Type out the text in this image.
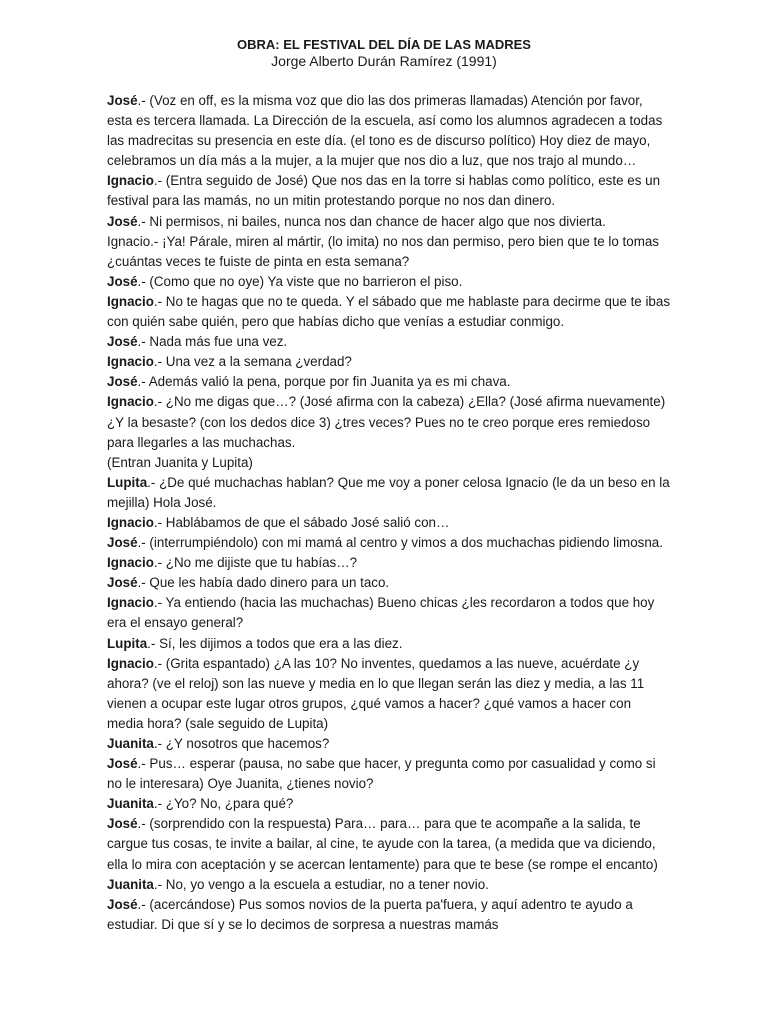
OBRA: EL FESTIVAL DEL DÍA DE LAS MADRES
Jorge Alberto Durán Ramírez (1991)
José.- (Voz en off, es la misma voz que dio las dos primeras llamadas) Atención por favor,
esta es tercera llamada. La Dirección de la escuela, así como los alumnos agradecen a todas
las madrecitas su presencia en este día. (el tono es de discurso político) Hoy diez de mayo,
celebramos un día más a la mujer, a la mujer que nos dio a luz, que nos trajo al mundo…
Ignacio.- (Entra seguido de José) Que nos das en la torre si hablas como político, este es un
festival para las mamás, no un mitin protestando porque no nos dan dinero.
José.- Ni permisos, ni bailes, nunca nos dan chance de hacer algo que nos divierta.
Ignacio.- ¡Ya! Párale, miren al mártir, (lo imita) no nos dan permiso, pero bien que te lo tomas
¿cuántas veces te fuiste de pinta en esta semana?
José.- (Como que no oye) Ya viste que no barrieron el piso.
Ignacio.- No te hagas que no te queda. Y el sábado que me hablaste para decirme que te ibas
con quién sabe quién, pero que habías dicho que venías a estudiar conmigo.
José.- Nada más fue una vez.
Ignacio.- Una vez a la semana ¿verdad?
José.- Además valió la pena, porque por fin Juanita ya es mi chava.
Ignacio.- ¿No me digas que…? (José afirma con la cabeza) ¿Ella? (José afirma nuevamente)
¿Y la besaste? (con los dedos dice 3) ¿tres veces? Pues no te creo porque eres remiedoso
para llegarles a las muchachas.
(Entran Juanita y Lupita)
Lupita.- ¿De qué muchachas hablan? Que me voy a poner celosa Ignacio (le da un beso en la
mejilla) Hola José.
Ignacio.- Hablábamos de que el sábado José salió con…
José.- (interrumpiéndolo) con mi mamá al centro y vimos a dos muchachas pidiendo limosna.
Ignacio.- ¿No me dijiste que tu habías…?
José.- Que les había dado dinero para un taco.
Ignacio.- Ya entiendo (hacia las muchachas) Bueno chicas ¿les recordaron a todos que hoy
era el ensayo general?
Lupita.- Sí, les dijimos a todos que era a las diez.
Ignacio.- (Grita espantado) ¿A las 10? No inventes, quedamos a las nueve, acuérdate ¿y
ahora? (ve el reloj) son las nueve y media en lo que llegan serán las diez y media, a las 11
vienen a ocupar este lugar otros grupos, ¿qué vamos a hacer? ¿qué vamos a hacer con
media hora? (sale seguido de Lupita)
Juanita.- ¿Y nosotros que hacemos?
José.- Pus… esperar (pausa, no sabe que hacer, y pregunta como por casualidad y como si
no le interesara) Oye Juanita, ¿tienes novio?
Juanita.- ¿Yo? No, ¿para qué?
José.- (sorprendido con la respuesta) Para… para… para que te acompañe a la salida, te
cargue tus cosas, te invite a bailar, al cine, te ayude con la tarea, (a medida que va diciendo,
ella lo mira con aceptación y se acercan lentamente) para que te bese (se rompe el encanto)
Juanita.- No, yo vengo a la escuela a estudiar, no a tener novio.
José.- (acercándose) Pus somos novios de la puerta pa'fuera, y aquí adentro te ayudo a
estudiar. Di que sí y se lo decimos de sorpresa a nuestras mamás
